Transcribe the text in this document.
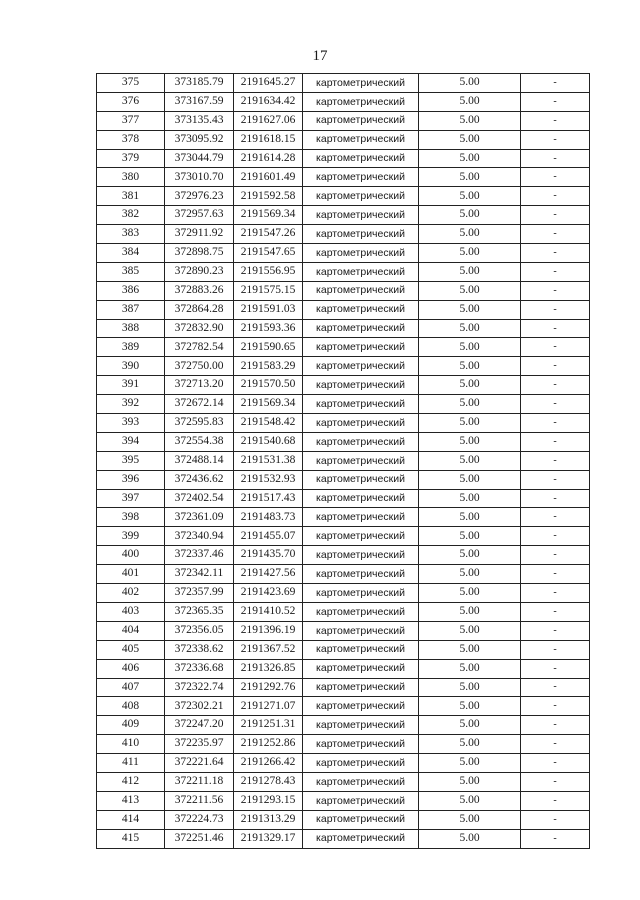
17
375	373185.79	2191645.27	картометрический	5.00	-
376	373167.59	2191634.42	картометрический	5.00	-
377	373135.43	2191627.06	картометрический	5.00	-
378	373095.92	2191618.15	картометрический	5.00	-
379	373044.79	2191614.28	картометрический	5.00	-
380	373010.70	2191601.49	картометрический	5.00	-
381	372976.23	2191592.58	картометрический	5.00	-
382	372957.63	2191569.34	картометрический	5.00	-
383	372911.92	2191547.26	картометрический	5.00	-
384	372898.75	2191547.65	картометрический	5.00	-
385	372890.23	2191556.95	картометрический	5.00	-
386	372883.26	2191575.15	картометрический	5.00	-
387	372864.28	2191591.03	картометрический	5.00	-
388	372832.90	2191593.36	картометрический	5.00	-
389	372782.54	2191590.65	картометрический	5.00	-
390	372750.00	2191583.29	картометрический	5.00	-
391	372713.20	2191570.50	картометрический	5.00	-
392	372672.14	2191569.34	картометрический	5.00	-
393	372595.83	2191548.42	картометрический	5.00	-
394	372554.38	2191540.68	картометрический	5.00	-
395	372488.14	2191531.38	картометрический	5.00	-
396	372436.62	2191532.93	картометрический	5.00	-
397	372402.54	2191517.43	картометрический	5.00	-
398	372361.09	2191483.73	картометрический	5.00	-
399	372340.94	2191455.07	картометрический	5.00	-
400	372337.46	2191435.70	картометрический	5.00	-
401	372342.11	2191427.56	картометрический	5.00	-
402	372357.99	2191423.69	картометрический	5.00	-
403	372365.35	2191410.52	картометрический	5.00	-
404	372356.05	2191396.19	картометрический	5.00	-
405	372338.62	2191367.52	картометрический	5.00	-
406	372336.68	2191326.85	картометрический	5.00	-
407	372322.74	2191292.76	картометрический	5.00	-
408	372302.21	2191271.07	картометрический	5.00	-
409	372247.20	2191251.31	картометрический	5.00	-
410	372235.97	2191252.86	картометрический	5.00	-
411	372221.64	2191266.42	картометрический	5.00	-
412	372211.18	2191278.43	картометрический	5.00	-
413	372211.56	2191293.15	картометрический	5.00	-
414	372224.73	2191313.29	картометрический	5.00	-
415	372251.46	2191329.17	картометрический	5.00	-
